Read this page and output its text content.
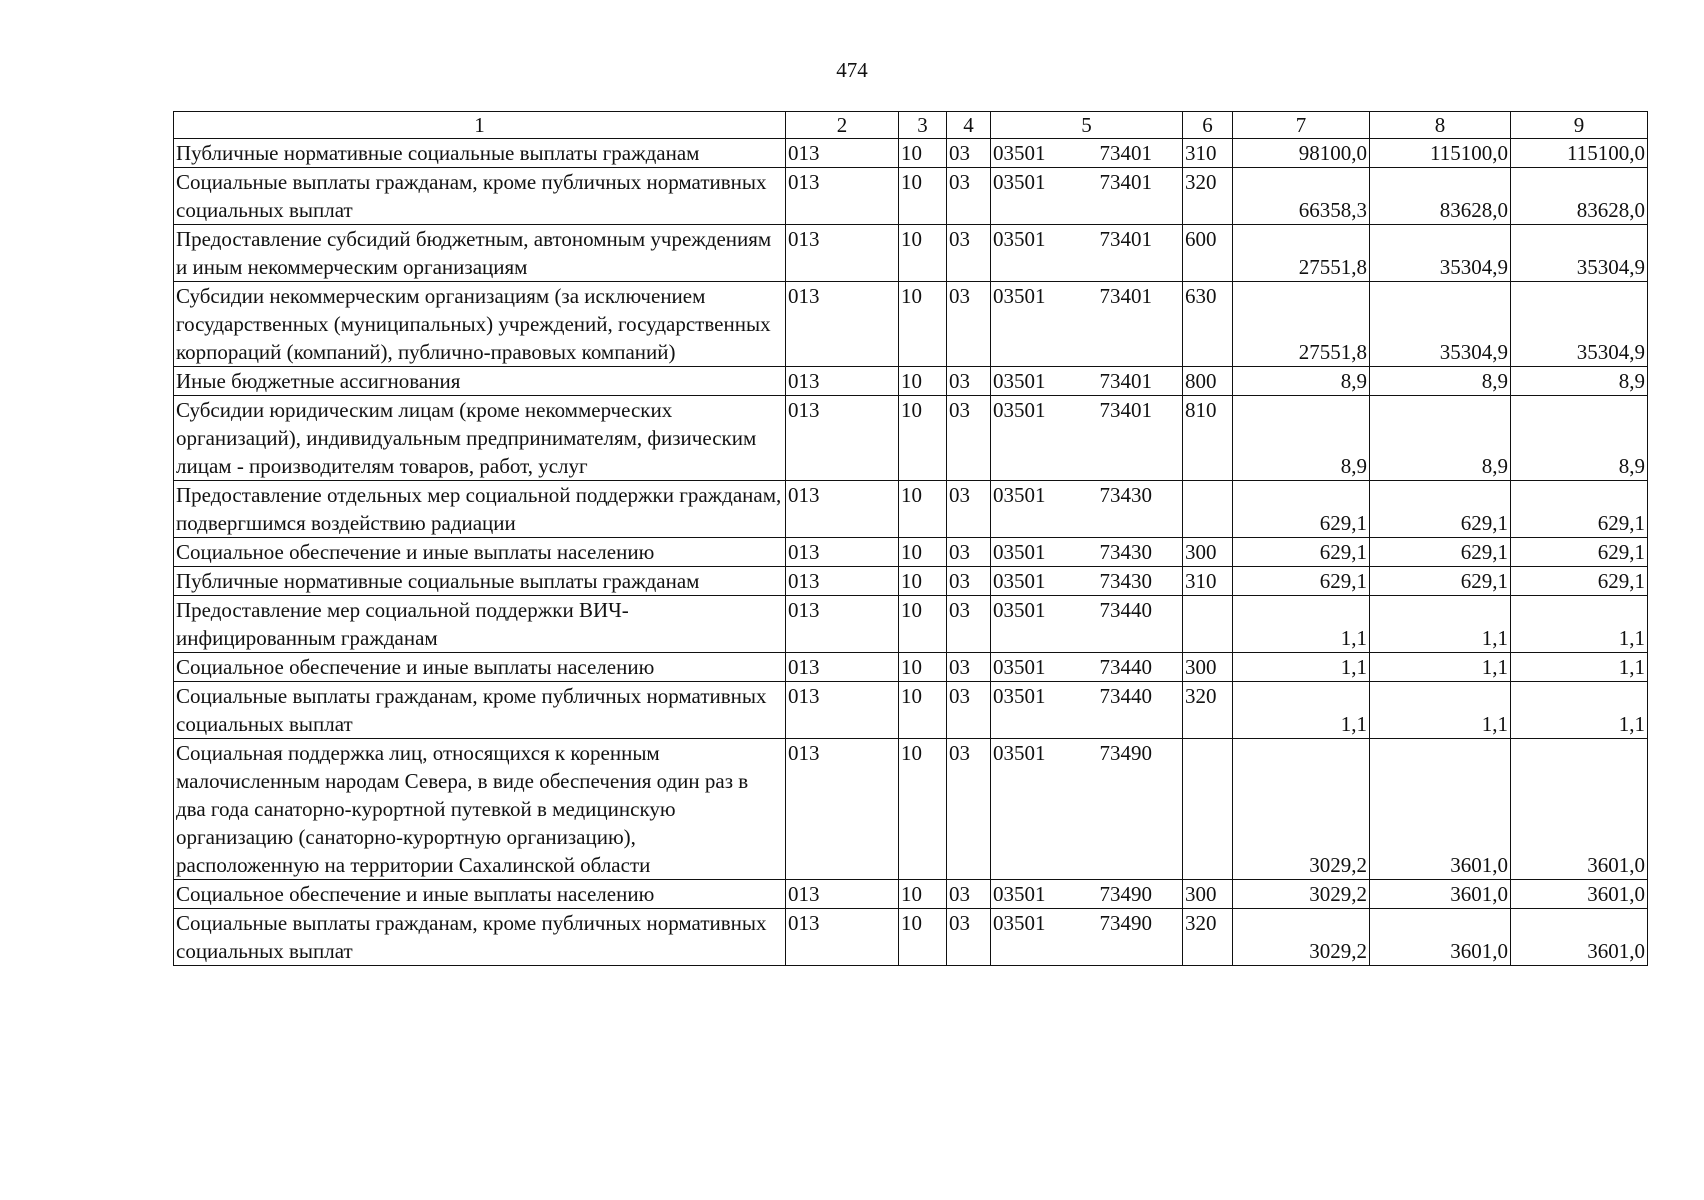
474
1	2	3	4	5	6	7	8	9
Публичные нормативные социальные выплаты гражданам	013	10	03	03501 73401	310	98100,0	115100,0	115100,0
Социальные выплаты гражданам, кроме публичных нормативных социальных выплат	013	10	03	03501 73401	320	66358,3	83628,0	83628,0
Предоставление субсидий бюджетным, автономным учреждениям и иным некоммерческим организациям	013	10	03	03501 73401	600	27551,8	35304,9	35304,9
Субсидии некоммерческим организациям (за исключением государственных (муниципальных) учреждений, государственных корпораций (компаний), публично-правовых компаний)	013	10	03	03501 73401	630	27551,8	35304,9	35304,9
Иные бюджетные ассигнования	013	10	03	03501 73401	800	8,9	8,9	8,9
Субсидии юридическим лицам (кроме некоммерческих организаций), индивидуальным предпринимателям, физическим лицам - производителям товаров, работ, услуг	013	10	03	03501 73401	810	8,9	8,9	8,9
Предоставление отдельных мер социальной поддержки гражданам, подвергшимся воздействию радиации	013	10	03	03501 73430		629,1	629,1	629,1
Социальное обеспечение и иные выплаты населению	013	10	03	03501 73430	300	629,1	629,1	629,1
Публичные нормативные социальные выплаты гражданам	013	10	03	03501 73430	310	629,1	629,1	629,1
Предоставление мер социальной поддержки ВИЧ-инфицированным гражданам	013	10	03	03501 73440		1,1	1,1	1,1
Социальное обеспечение и иные выплаты населению	013	10	03	03501 73440	300	1,1	1,1	1,1
Социальные выплаты гражданам, кроме публичных нормативных социальных выплат	013	10	03	03501 73440	320	1,1	1,1	1,1
Социальная поддержка лиц, относящихся к коренным малочисленным народам Севера, в виде обеспечения один раз в два года санаторно-курортной путевкой в медицинскую организацию (санаторно-курортную организацию), расположенную на территории Сахалинской области	013	10	03	03501 73490		3029,2	3601,0	3601,0
Социальное обеспечение и иные выплаты населению	013	10	03	03501 73490	300	3029,2	3601,0	3601,0
Социальные выплаты гражданам, кроме публичных нормативных социальных выплат	013	10	03	03501 73490	320	3029,2	3601,0	3601,0
